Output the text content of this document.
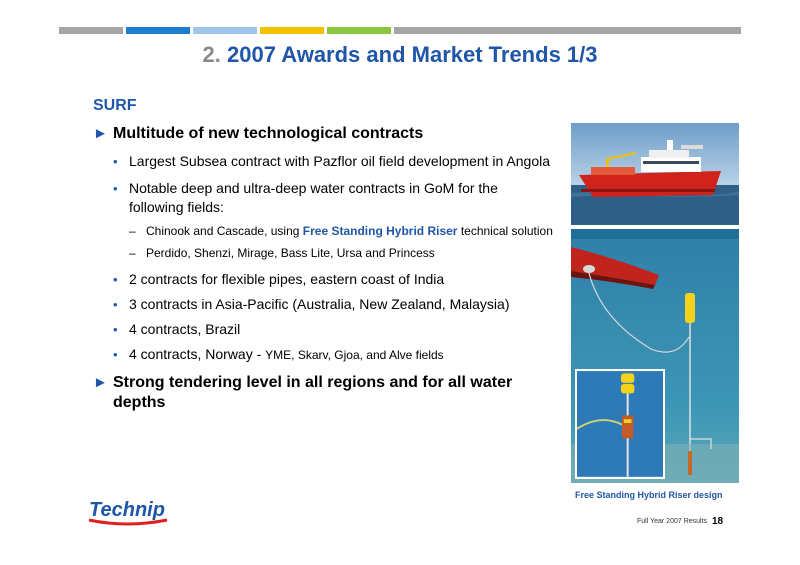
2. 2007 Awards and Market Trends 1/3
SURF
► Multitude of new technological contracts
• Largest Subsea contract with Pazflor oil field development in Angola
• Notable deep and ultra-deep water contracts in GoM for the following fields:
– Chinook and Cascade, using Free Standing Hybrid Riser technical solution
– Perdido, Shenzi, Mirage, Bass Lite, Ursa and Princess
• 2 contracts for flexible pipes, eastern coast of India
• 3 contracts in Asia-Pacific (Australia, New Zealand, Malaysia)
• 4 contracts, Brazil
• 4 contracts, Norway - YME, Skarv, Gjoa, and Alve fields
► Strong tendering level in all regions and for all water depths
Free Standing Hybrid Riser design
Technip
Full Year 2007 Results 18
